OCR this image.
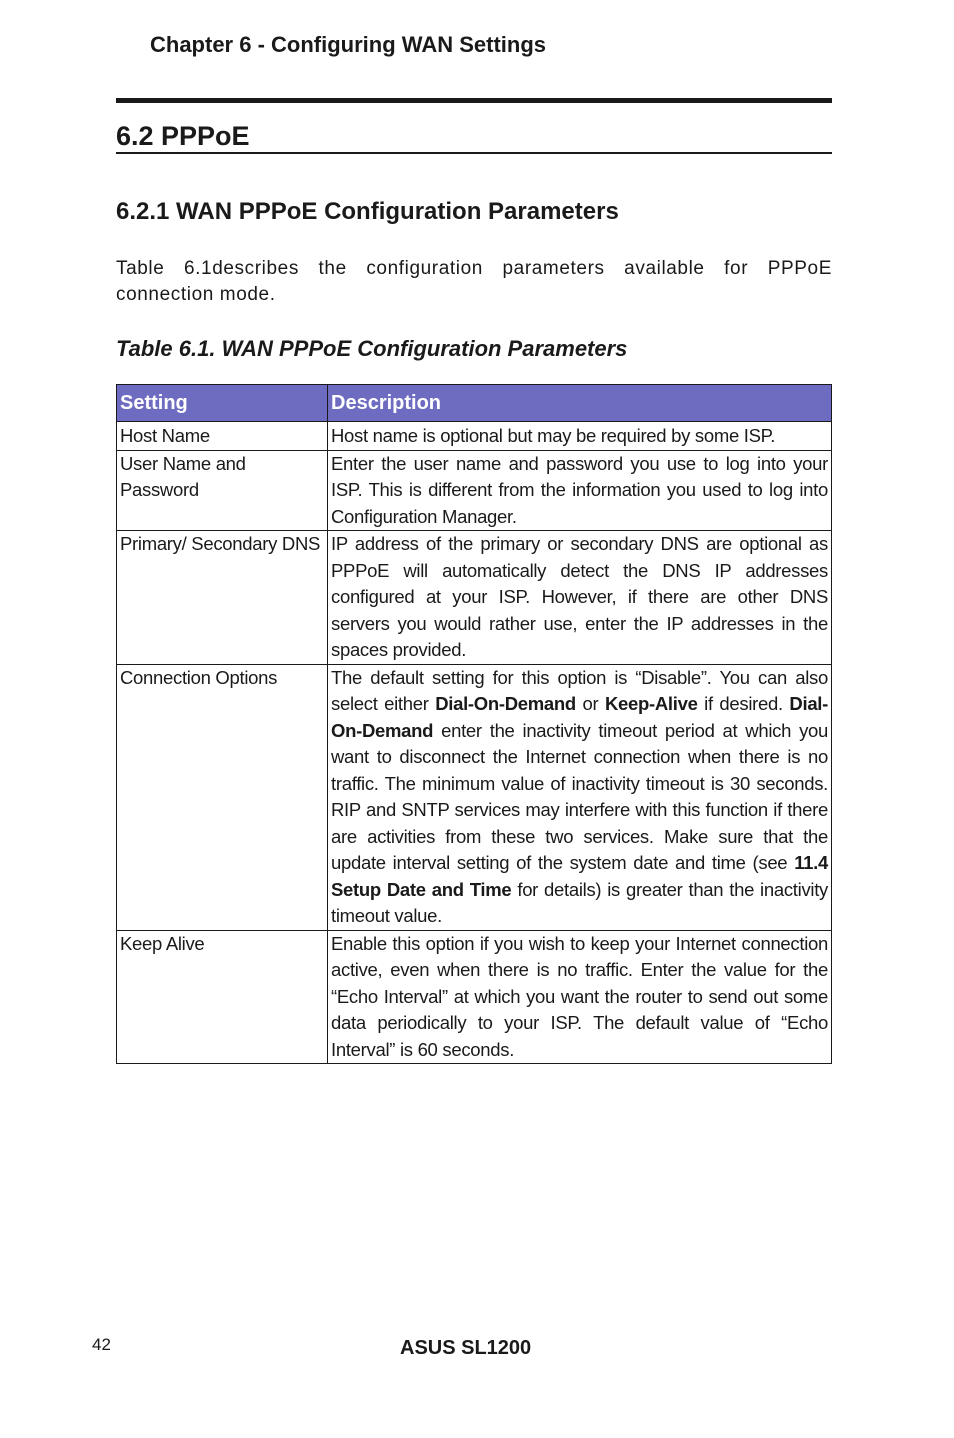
Chapter 6 - Configuring WAN Settings
6.2 PPPoE
6.2.1 WAN PPPoE Configuration Parameters
Table 6.1describes the configuration parameters available for PPPoE connection mode.
Table 6.1. WAN PPPoE Configuration Parameters
Setting	Description
Host Name	Host name is optional but may be required by some ISP.
User Name and Password	Enter the user name and password you use to log into your ISP. This is different from the information you used to log into Configuration Manager.
Primary/ Secondary DNS	IP address of the primary or secondary DNS are optional as PPPoE will automatically detect the DNS IP addresses configured at your ISP. However, if there are other DNS servers you would rather use, enter the IP addresses in the spaces provided.
Connection Options	The default setting for this option is “Disable”. You can also select either Dial-On-Demand or Keep-Alive if desired. Dial-On-Demand enter the inactivity timeout period at which you want to disconnect the Internet connection when there is no traffic. The minimum value of inactivity timeout is 30 seconds. RIP and SNTP services may interfere with this function if there are activities from these two services. Make sure that the update interval setting of the system date and time (see 11.4 Setup Date and Time for details) is greater than the inactivity timeout value.
Keep Alive	Enable this option if you wish to keep your Internet connection active, even when there is no traffic. Enter the value for the “Echo Interval” at which you want the router to send out some data periodically to your ISP. The default value of “Echo Interval” is 60 seconds.
42	ASUS SL1200
